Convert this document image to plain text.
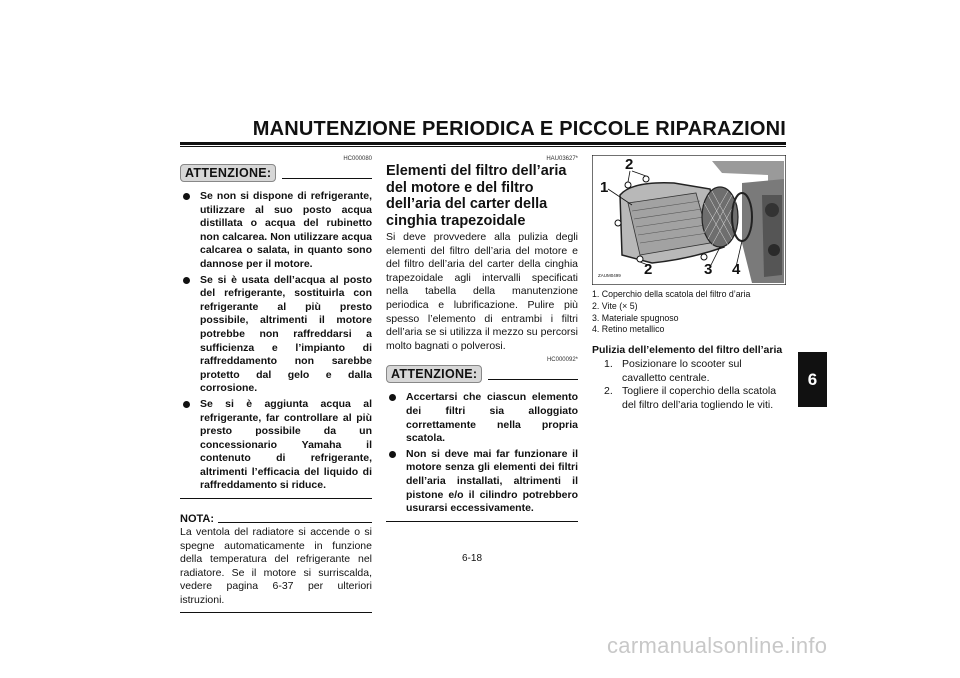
MANUTENZIONE PERIODICA E PICCOLE RIPARAZIONI
6
HC000080
ATTENZIONE:
Se non si dispone di refrigerante, utilizzare al suo posto acqua distillata o acqua del rubinetto non calcarea. Non utilizzare acqua calcarea o salata, in quanto sono dannose per il motore.
Se si è usata dell’acqua al posto del refrigerante, sostituirla con refrigerante al più presto possibile, altrimenti il motore potrebbe non raffreddarsi a sufficienza e l’impianto di raffreddamento non sarebbe protetto dal gelo e dalla corrosione.
Se si è aggiunta acqua al refrigerante, far controllare al più presto possibile da un concessionario Yamaha il contenuto di refrigerante, altrimenti l’efficacia del liquido di raffreddamento si riduce.
NOTA:
La ventola del radiatore si accende o si spegne automaticamente in funzione della temperatura del refrigerante nel radiatore. Se il motore si surriscalda, vedere pagina 6-37 per ulteriori istruzioni.
HAU03627*
Elementi del filtro dell’aria del motore e del filtro dell’aria del carter della cinghia trapezoidale
Si deve provvedere alla pulizia degli elementi del filtro dell’aria del motore e del filtro dell’aria del carter della cinghia trapezoidale agli intervalli specificati nella tabella della manutenzione periodica e lubrificazione. Pulire più spesso l’elemento di entrambi i filtri dell’aria se si utilizza il mezzo su percorsi molto bagnati o polverosi.
HC000092*
ATTENZIONE:
Accertarsi che ciascun elemento dei filtri sia alloggiato correttamente nella propria scatola.
Non si deve mai far funzionare il motore senza gli elementi dei filtri dell’aria installati, altrimenti il pistone e/o il cilindro potrebbero usurarsi eccessivamente.
1
2
2	3 4
ZAUM0499
1. Coperchio della scatola del filtro d’aria
2. Vite (× 5)
3. Materiale spugnoso
4. Retino metallico
Pulizia dell’elemento del filtro dell’aria
1. Posizionare lo scooter sul cavalletto centrale.
2. Togliere il coperchio della scatola del filtro dell’aria togliendo le viti.
6-18
carmanualsonline.info
